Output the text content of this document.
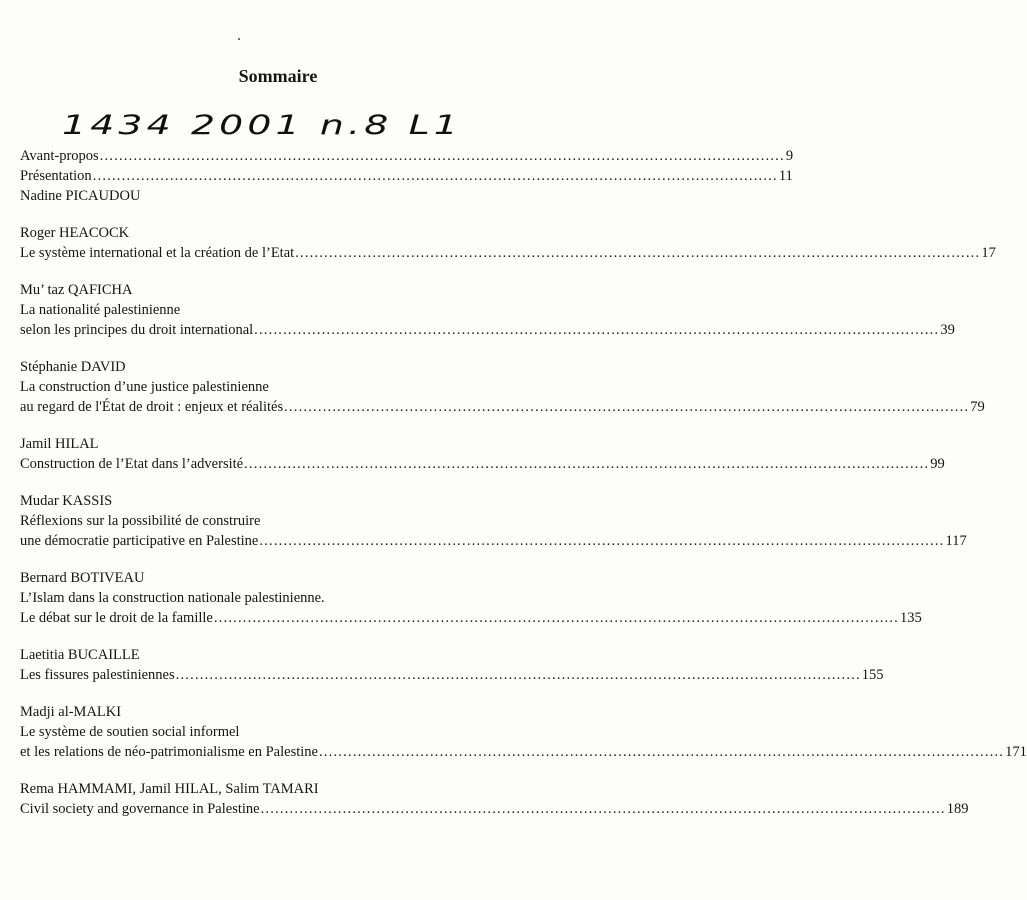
Sommaire
1434 2001 n.8 L1
Avant-propos .............................................................................................................................................. 9
Présentation .............................................................................................................................................. 11
Nadine PICAUDOU
Roger HEACOCK
Le système international et la création de l’Etat .............................................................................................................................................. 17
Mu’ taz QAFICHA
La nationalité palestinienne
selon les principes du droit international .............................................................................................................................................. 39
Stéphanie DAVID
La construction d’une justice palestinienne
au regard de l'État de droit : enjeux et réalités .............................................................................................................................................. 79
Jamil HILAL
Construction de l’Etat dans l’adversité .............................................................................................................................................. 99
Mudar KASSIS
Réflexions sur la possibilité de construire
une démocratie participative en Palestine .............................................................................................................................................. 117
Bernard BOTIVEAU
L’Islam dans la construction nationale palestinienne.
Le débat sur le droit de la famille .............................................................................................................................................. 135
Laetitia BUCAILLE
Les fissures palestiniennes .............................................................................................................................................. 155
Madji al-MALKI
Le système de soutien social informel
et les relations de néo-patrimonialisme en Palestine .............................................................................................................................................. 171
Rema HAMMAMI, Jamil HILAL, Salim TAMARI
Civil society and governance in Palestine .............................................................................................................................................. 189
